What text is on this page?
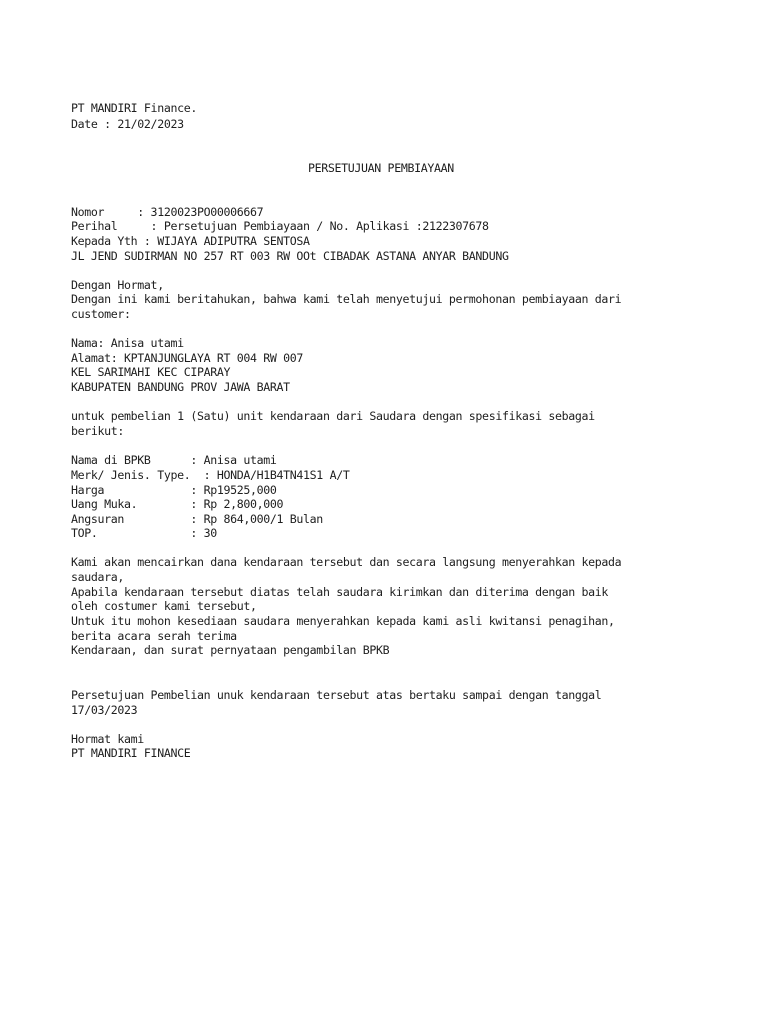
PT MANDIRI Finance.

Date : 21/02/2023

PERSETUJUAN PEMBIAYAAN

Nomor     : 3120023PO00006667

Perihal     : Persetujuan Pembiayaan / No. Aplikasi :2122307678

Kepada Yth : WIJAYA ADIPUTRA SENTOSA

JL JEND SUDIRMAN NO 257 RT 003 RW OOt CIBADAK ASTANA ANYAR BANDUNG

Dengan Hormat,

Dengan ini kami beritahukan, bahwa kami telah menyetujui permohonan pembiayaan dari

customer:

Nama: Anisa utami

Alamat: KPTANJUNGLAYA RT 004 RW 007

KEL SARIMAHI KEC CIPARAY

KABUPATEN BANDUNG PROV JAWA BARAT

untuk pembelian 1 (Satu) unit kendaraan dari Saudara dengan spesifikasi sebagai

berikut:

Nama di BPKB      : Anisa utami

Merk/ Jenis. Type.  : HONDA/H1B4TN41S1 A/T

Harga             : Rp19525,000

Uang Muka.        : Rp 2,800,000

Angsuran          : Rp 864,000/1 Bulan

TOP.              : 30

Kami akan mencairkan dana kendaraan tersebut dan secara langsung menyerahkan kepada

saudara,

Apabila kendaraan tersebut diatas telah saudara kirimkan dan diterima dengan baik

oleh costumer kami tersebut,

Untuk itu mohon kesediaan saudara menyerahkan kepada kami asli kwitansi penagihan,

berita acara serah terima

Kendaraan, dan surat pernyataan pengambilan BPKB

Persetujuan Pembelian unuk kendaraan tersebut atas bertaku sampai dengan tanggal

17/03/2023

Hormat kami

PT MANDIRI FINANCE
